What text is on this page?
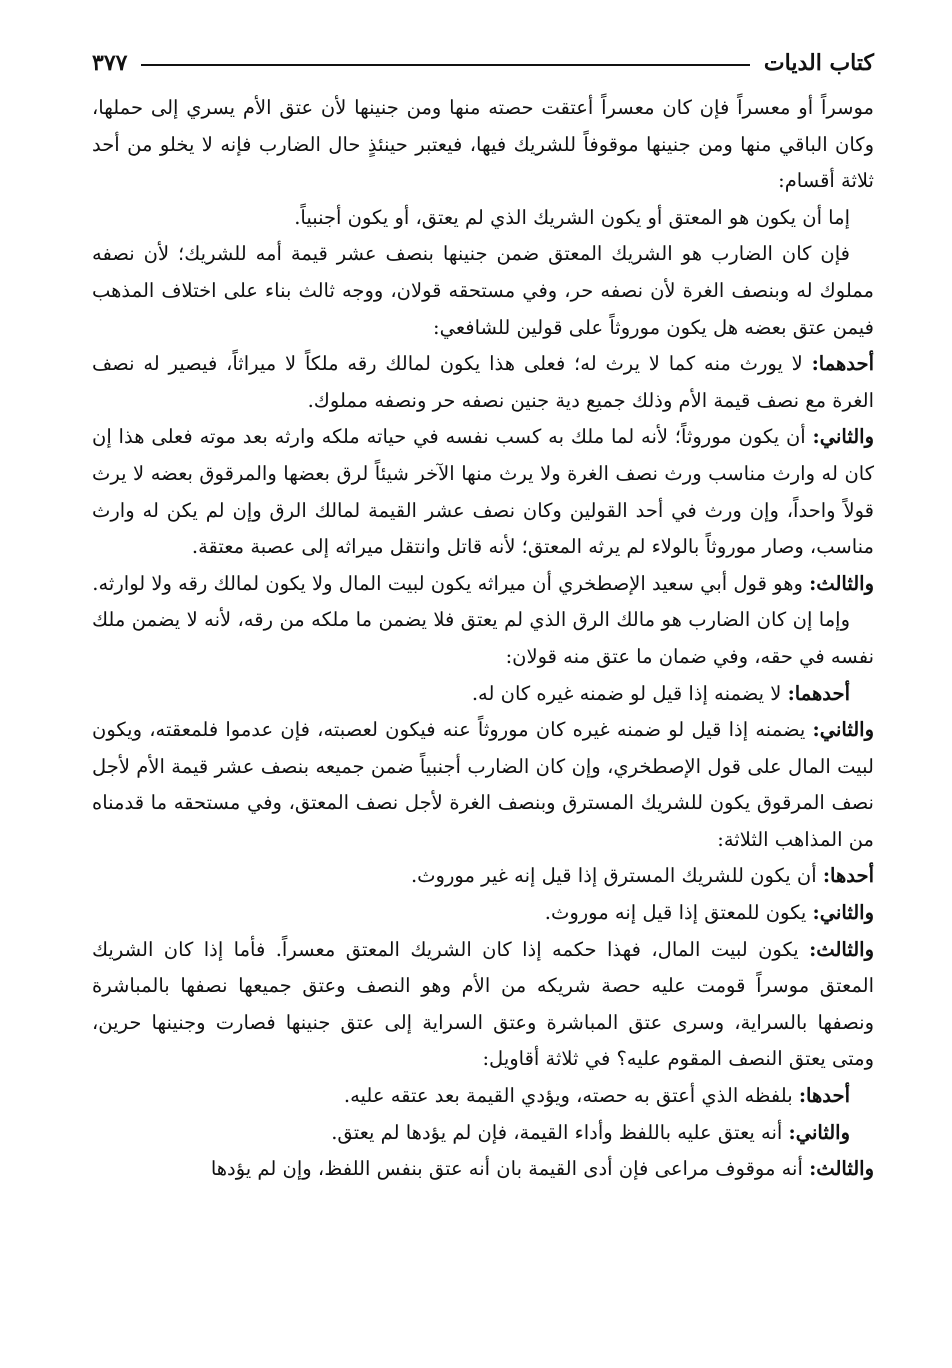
كتاب الديات
٣٧٧

موسراً أو معسراً فإن كان معسراً أعتقت حصته منها ومن جنينها لأن عتق الأم يسري إلى حملها، وكان الباقي منها ومن جنينها موقوفاً للشريك فيها، فيعتبر حينئذٍ حال الضارب فإنه لا يخلو من أحد ثلاثة أقسام:

إما أن يكون هو المعتق أو يكون الشريك الذي لم يعتق، أو يكون أجنبياً.

فإن كان الضارب هو الشريك المعتق ضمن جنينها بنصف عشر قيمة أمه للشريك؛ لأن نصفه مملوك له وبنصف الغرة لأن نصفه حر، وفي مستحقه قولان، ووجه ثالث بناء على اختلاف المذهب فيمن عتق بعضه هل يكون موروثاً على قولين للشافعي:

أحدهما: لا يورث منه كما لا يرث له؛ فعلى هذا يكون لمالك رقه ملكاً لا ميراثاً، فيصير له نصف الغرة مع نصف قيمة الأم وذلك جميع دية جنين نصفه حر ونصفه مملوك.

والثاني: أن يكون موروثاً؛ لأنه لما ملك به كسب نفسه في حياته ملكه وارثه بعد موته فعلى هذا إن كان له وارث مناسب ورث نصف الغرة ولا يرث منها الآخر شيئاً لرق بعضها والمرقوق بعضه لا يرث قولاً واحداً، وإن ورث في أحد القولين وكان نصف عشر القيمة لمالك الرق وإن لم يكن له وارث مناسب، وصار موروثاً بالولاء لم يرثه المعتق؛ لأنه قاتل وانتقل ميراثه إلى عصبة معتقة.

والثالث: وهو قول أبي سعيد الإصطخري أن ميراثه يكون لبيت المال ولا يكون لمالك رقه ولا لوارثه.

وإما إن كان الضارب هو مالك الرق الذي لم يعتق فلا يضمن ما ملكه من رقه، لأنه لا يضمن ملك نفسه في حقه، وفي ضمان ما عتق منه قولان:

أحدهما: لا يضمنه إذا قيل لو ضمنه غيره كان له.

والثاني: يضمنه إذا قيل لو ضمنه غيره كان موروثاً عنه فيكون لعصبته، فإن عدموا فلمعقته، ويكون لبيت المال على قول الإصطخري، وإن كان الضارب أجنبياً ضمن جميعه بنصف عشر قيمة الأم لأجل نصف المرقوق يكون للشريك المسترق وبنصف الغرة لأجل نصف المعتق، وفي مستحقه ما قدمناه من المذاهب الثلاثة:

أحدها: أن يكون للشريك المسترق إذا قيل إنه غير موروث.

والثاني: يكون للمعتق إذا قيل إنه موروث.

والثالث: يكون لبيت المال، فهذا حكمه إذا كان الشريك المعتق معسراً. فأما إذا كان الشريك المعتق موسراً قومت عليه حصة شريكه من الأم وهو النصف وعتق جميعها نصفها بالمباشرة ونصفها بالسراية، وسرى عتق المباشرة وعتق السراية إلى عتق جنينها فصارت وجنينها حرين، ومتى يعتق النصف المقوم عليه؟ في ثلاثة أقاويل:

أحدها: بلفظه الذي أعتق به حصته، ويؤدي القيمة بعد عتقه عليه.

والثاني: أنه يعتق عليه باللفظ وأداء القيمة، فإن لم يؤدها لم يعتق.

والثالث: أنه موقوف مراعى فإن أدى القيمة بان أنه عتق بنفس اللفظ، وإن لم يؤدها
